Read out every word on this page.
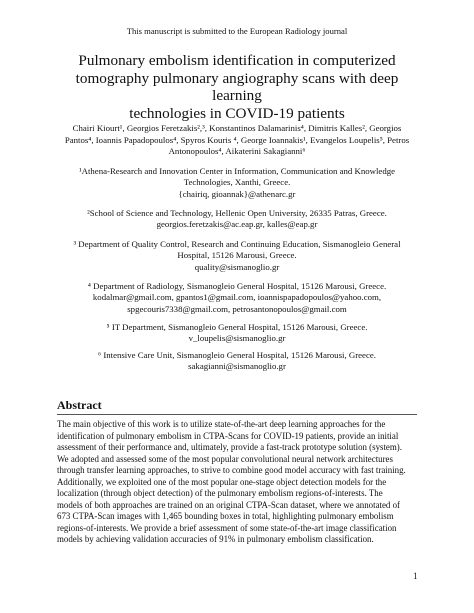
This manuscript is submitted to the European Radiology journal
Pulmonary embolism identification in computerized
tomography pulmonary angiography scans with deep learning
technologies in COVID-19 patients
Chairi Kiourt¹, Georgios Feretzakis²,³, Konstantinos Dalamarinis⁴, Dimitris Kalles², Georgios
Pantos⁴, Ioannis Papadopoulos⁴, Spyros Kouris ⁴, George Ioannakis¹, Evangelos Loupelis⁵, Petros
Antonopoulos⁴, Aikaterini Sakagianni⁶
¹Athena-Research and Innovation Center in Information, Communication and Knowledge
Technologies, Xanthi, Greece.
{chairiq, gioannak}@athenarc.gr
²School of Science and Technology, Hellenic Open University, 26335 Patras, Greece.
georgios.feretzakis@ac.eap.gr, kalles@eap.gr
³ Department of Quality Control, Research and Continuing Education, Sismanogleio General
Hospital, 15126 Marousi, Greece.
quality@sismanoglio.gr
⁴ Department of Radiology, Sismanogleio General Hospital, 15126 Marousi, Greece.
kodalmar@gmail.com, gpantos1@gmail.com, ioannispapadopoulos@yahoo.com,
spgecouris7338@gmail.com, petrosantonopoulos@gmail.com
⁵ IT Department, Sismanogleio General Hospital, 15126 Marousi, Greece.
v_loupelis@sismanoglio.gr
⁶ Intensive Care Unit, Sismanogleio General Hospital, 15126 Marousi, Greece.
sakagianni@sismanoglio.gr
Abstract
The main objective of this work is to utilize state-of-the-art deep learning approaches for the
identification of pulmonary embolism in CTPA-Scans for COVID-19 patients, provide an initial
assessment of their performance and, ultimately, provide a fast-track prototype solution (system).
We adopted and assessed some of the most popular convolutional neural network architectures
through transfer learning approaches, to strive to combine good model accuracy with fast training.
Additionally, we exploited one of the most popular one-stage object detection models for the
localization (through object detection) of the pulmonary embolism regions-of-interests. The
models of both approaches are trained on an original CTPA-Scan dataset, where we annotated of
673 CTPA-Scan images with 1,465 bounding boxes in total, highlighting pulmonary embolism
regions-of-interests. We provide a brief assessment of some state-of-the-art image classification
models by achieving validation accuracies of 91% in pulmonary embolism classification.
1
